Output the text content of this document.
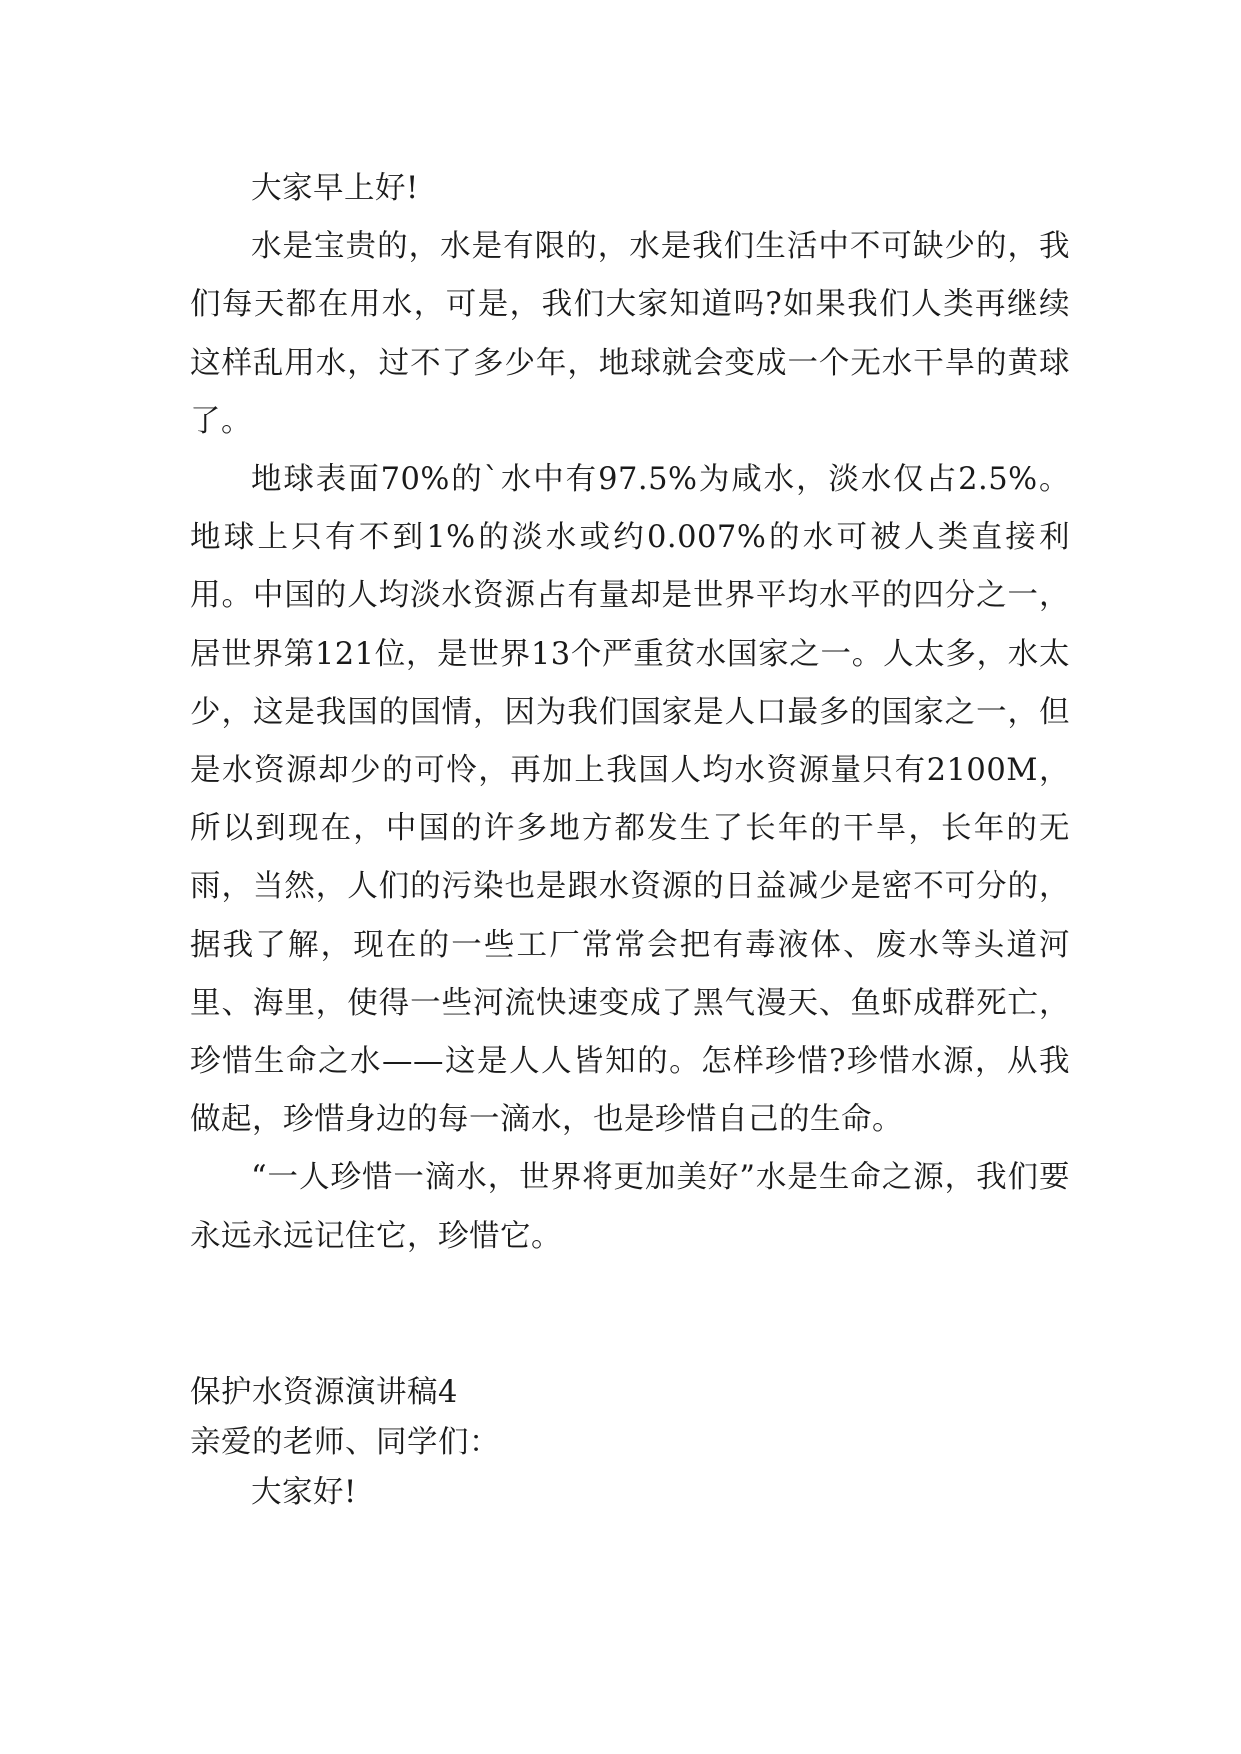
大家早上好!

水是宝贵的，水是有限的，水是我们生活中不可缺少的，我们每天都在用水，可是，我们大家知道吗?如果我们人类再继续这样乱用水，过不了多少年，地球就会变成一个无水干旱的黄球了。

地球表面70%的`水中有97.5%为咸水，淡水仅占2.5%。地球上只有不到1%的淡水或约0.007%的水可被人类直接利用。中国的人均淡水资源占有量却是世界平均水平的四分之一，居世界第121位，是世界13个严重贫水国家之一。人太多，水太少，这是我国的国情，因为我们国家是人口最多的国家之一，但是水资源却少的可怜，再加上我国人均水资源量只有2100M，所以到现在，中国的许多地方都发生了长年的干旱，长年的无雨，当然，人们的污染也是跟水资源的日益减少是密不可分的，据我了解，现在的一些工厂常常会把有毒液体、废水等头道河里、海里，使得一些河流快速变成了黑气漫天、鱼虾成群死亡，珍惜生命之水——这是人人皆知的。怎样珍惜?珍惜水源，从我做起，珍惜身边的每一滴水，也是珍惜自己的生命。

“一人珍惜一滴水，世界将更加美好”水是生命之源，我们要永远永远记住它，珍惜它。

保护水资源演讲稿4

亲爱的老师、同学们：

大家好!
